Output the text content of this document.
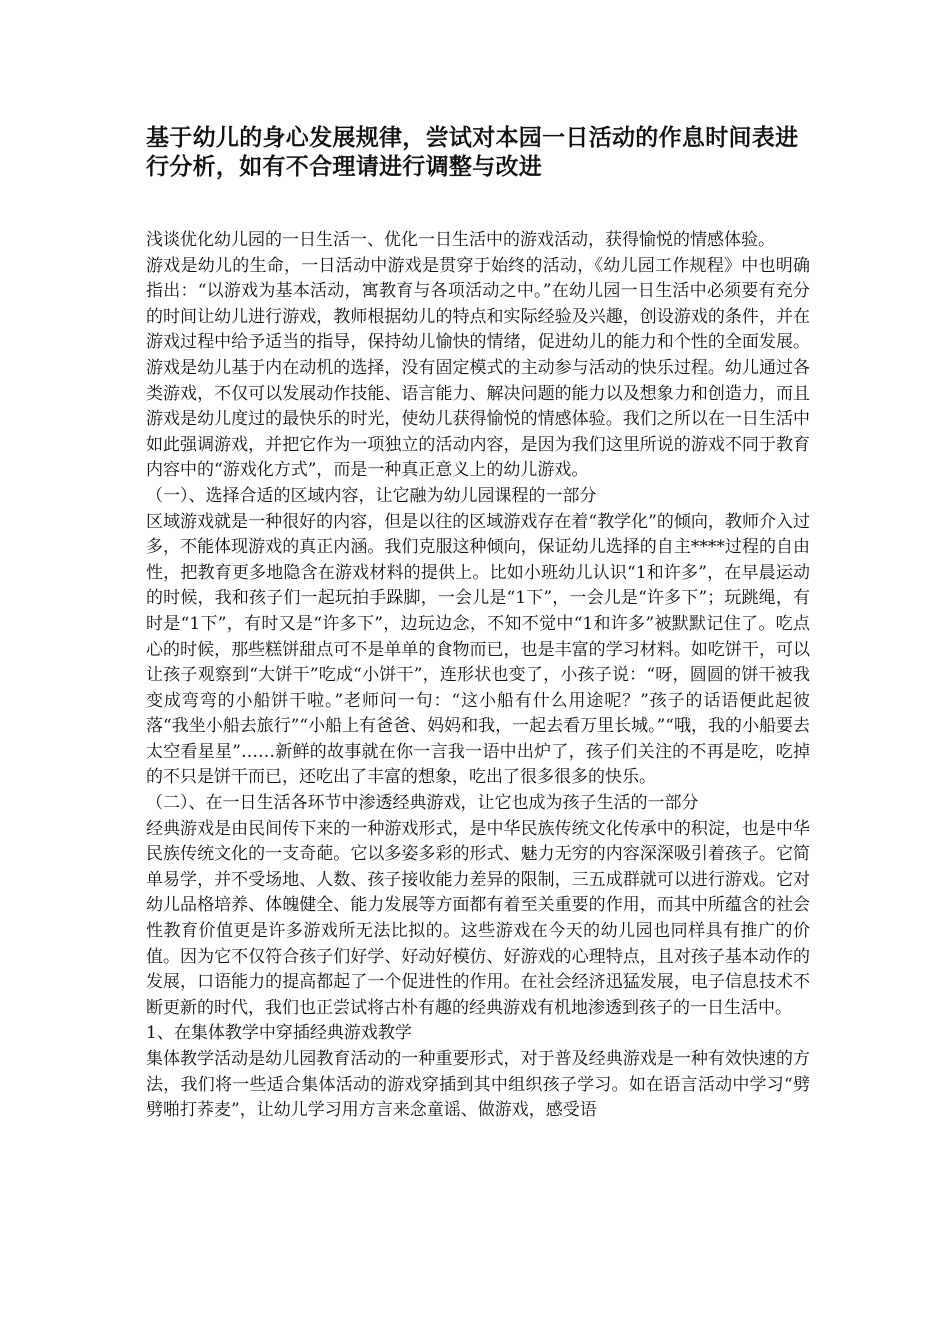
基于幼儿的身心发展规律，尝试对本园一日活动的作息时间表进行分析，如有不合理请进行调整与改进

浅谈优化幼儿园的一日生活一、优化一日生活中的游戏活动，获得愉悦的情感体验。

游戏是幼儿的生命，一日活动中游戏是贯穿于始终的活动，《幼儿园工作规程》中也明确指出：“以游戏为基本活动，寓教育与各项活动之中。”在幼儿园一日生活中必须要有充分的时间让幼儿进行游戏，教师根据幼儿的特点和实际经验及兴趣，创设游戏的条件，并在游戏过程中给予适当的指导，保持幼儿愉快的情绪，促进幼儿的能力和个性的全面发展。游戏是幼儿基于内在动机的选择，没有固定模式的主动参与活动的快乐过程。幼儿通过各类游戏，不仅可以发展动作技能、语言能力、解决问题的能力以及想象力和创造力，而且游戏是幼儿度过的最快乐的时光，使幼儿获得愉悦的情感体验。我们之所以在一日生活中如此强调游戏，并把它作为一项独立的活动内容，是因为我们这里所说的游戏不同于教育内容中的“游戏化方式”，而是一种真正意义上的幼儿游戏。

（一）、选择合适的区域内容，让它融为幼儿园课程的一部分

区域游戏就是一种很好的内容，但是以往的区域游戏存在着“教学化”的倾向，教师介入过多，不能体现游戏的真正内涵。我们克服这种倾向，保证幼儿选择的自主****过程的自由性，把教育更多地隐含在游戏材料的提供上。比如小班幼儿认识“1和许多”，在早晨运动的时候，我和孩子们一起玩拍手跺脚，一会儿是“1下”，一会儿是“许多下”；玩跳绳，有时是“1下”，有时又是“许多下”，边玩边念，不知不觉中“1和许多”被默默记住了。吃点心的时候，那些糕饼甜点可不是单单的食物而已，也是丰富的学习材料。如吃饼干，可以让孩子观察到“大饼干”吃成“小饼干”，连形状也变了，小孩子说：“呀，圆圆的饼干被我变成弯弯的小船饼干啦。”老师问一句：“这小船有什么用途呢？”孩子的话语便此起彼落“我坐小船去旅行”“小船上有爸爸、妈妈和我，一起去看万里长城。”“哦，我的小船要去太空看星星”……新鲜的故事就在你一言我一语中出炉了，孩子们关注的不再是吃，吃掉的不只是饼干而已，还吃出了丰富的想象，吃出了很多很多的快乐。

（二）、在一日生活各环节中渗透经典游戏，让它也成为孩子生活的一部分

经典游戏是由民间传下来的一种游戏形式，是中华民族传统文化传承中的积淀，也是中华民族传统文化的一支奇葩。它以多姿多彩的形式、魅力无穷的内容深深吸引着孩子。它简单易学，并不受场地、人数、孩子接收能力差异的限制，三五成群就可以进行游戏。它对幼儿品格培养、体魄健全、能力发展等方面都有着至关重要的作用，而其中所蕴含的社会性教育价值更是许多游戏所无法比拟的。这些游戏在今天的幼儿园也同样具有推广的价值。因为它不仅符合孩子们好学、好动好模仿、好游戏的心理特点，且对孩子基本动作的发展，口语能力的提高都起了一个促进性的作用。在社会经济迅猛发展，电子信息技术不断更新的时代，我们也正尝试将古朴有趣的经典游戏有机地渗透到孩子的一日生活中。

1、在集体教学中穿插经典游戏教学

集体教学活动是幼儿园教育活动的一种重要形式，对于普及经典游戏是一种有效快速的方法，我们将一些适合集体活动的游戏穿插到其中组织孩子学习。如在语言活动中学习“劈劈啪打荞麦”，让幼儿学习用方言来念童谣、做游戏，感受语
